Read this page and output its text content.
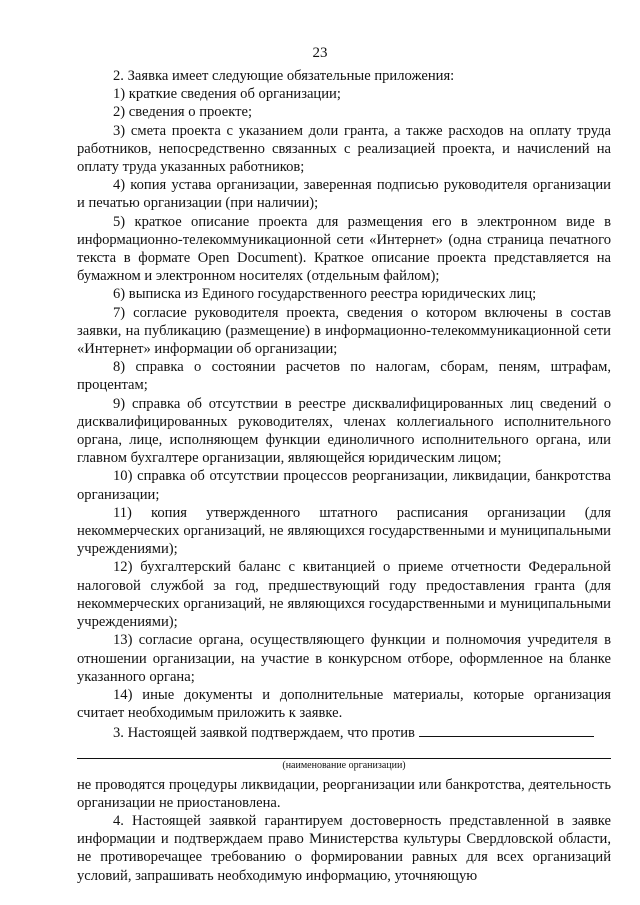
23

2. Заявка имеет следующие обязательные приложения:

1) краткие сведения об организации;

2) сведения о проекте;

3) смета проекта с указанием доли гранта, а также расходов на оплату труда работников, непосредственно связанных с реализацией проекта, и начислений на оплату труда указанных работников;

4) копия устава организации, заверенная подписью руководителя организации и печатью организации (при наличии);

5) краткое описание проекта для размещения его в электронном виде в информационно-телекоммуникационной сети «Интернет» (одна страница печатного текста в формате Open Document). Краткое описание проекта представляется на бумажном и электронном носителях (отдельным файлом);

6) выписка из Единого государственного реестра юридических лиц;

7) согласие руководителя проекта, сведения о котором включены в состав заявки, на публикацию (размещение) в информационно-телекоммуникационной сети «Интернет» информации об организации;

8) справка о состоянии расчетов по налогам, сборам, пеням, штрафам, процентам;

9) справка об отсутствии в реестре дисквалифицированных лиц сведений о дисквалифицированных руководителях, членах коллегиального исполнительного органа, лице, исполняющем функции единоличного исполнительного органа, или главном бухгалтере организации, являющейся юридическим лицом;

10) справка об отсутствии процессов реорганизации, ликвидации, банкротства организации;

11) копия утвержденного штатного расписания организации (для некоммерческих организаций, не являющихся государственными и муниципальными учреждениями);

12) бухгалтерский баланс с квитанцией о приеме отчетности Федеральной налоговой службой за год, предшествующий году предоставления гранта (для некоммерческих организаций, не являющихся государственными и муниципальными учреждениями);

13) согласие органа, осуществляющего функции и полномочия учредителя в отношении организации, на участие в конкурсном отборе, оформленное на бланке указанного органа;

14) иные документы и дополнительные материалы, которые организация считает необходимым приложить к заявке.

3. Настоящей заявкой подтверждаем, что против

(наименование организации)

не проводятся процедуры ликвидации, реорганизации или банкротства, деятельность организации не приостановлена.

4. Настоящей заявкой гарантируем достоверность представленной в заявке информации и подтверждаем право Министерства культуры Свердловской области, не противоречащее требованию о формировании равных для всех организаций условий, запрашивать необходимую информацию, уточняющую
